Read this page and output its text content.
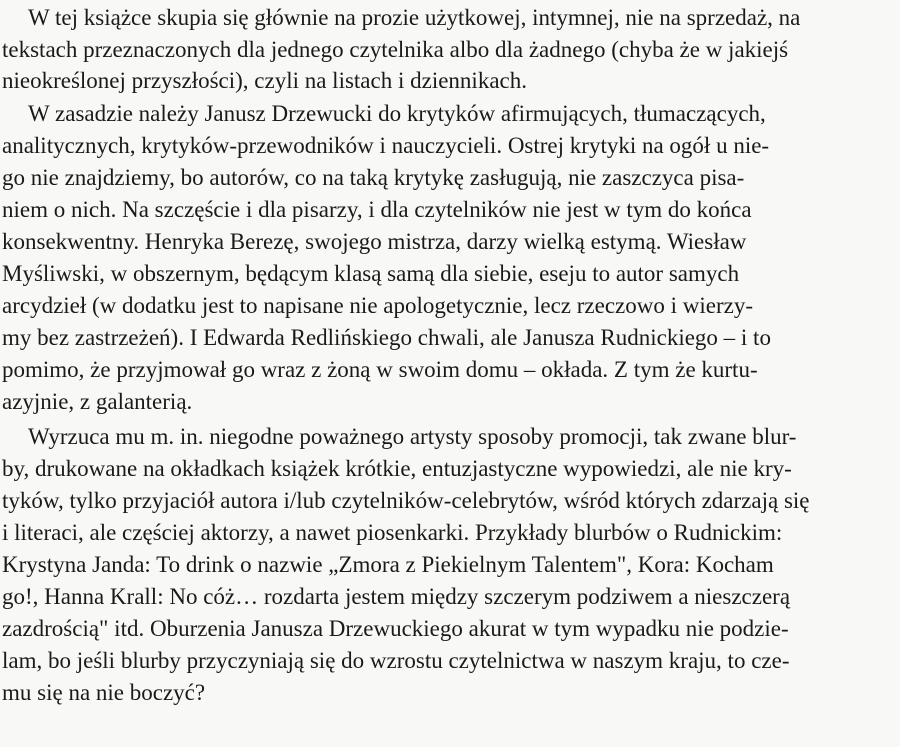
W tej książce skupia się głównie na prozie użytkowej, intymnej, nie na sprzedaż, na
tekstach przeznaczonych dla jednego czytelnika albo dla żadnego (chyba że w jakiejś
nieokreślonej przyszłości), czyli na listach i dziennikach.
W zasadzie należy Janusz Drzewucki do krytyków afirmujących, tłumaczących,
analitycznych, krytyków-przewodników i nauczycieli. Ostrej krytyki na ogół u nie-
go nie znajdziemy, bo autorów, co na taką krytykę zasługują, nie zaszczyca pisa-
niem o nich. Na szczęście i dla pisarzy, i dla czytelników nie jest w tym do końca
konsekwentny. Henryka Berezę, swojego mistrza, darzy wielką estymą. Wiesław
Myśliwski, w obszernym, będącym klasą samą dla siebie, eseju to autor samych
arcydzieł (w dodatku jest to napisane nie apologetycznie, lecz rzeczowo i wierzy-
my bez zastrzeżeń). I Edwarda Redlińskiego chwali, ale Janusza Rudnickiego – i to
pomimo, że przyjmował go wraz z żoną w swoim domu – okłada. Z tym że kurtu-
azyjnie, z galanterią.
Wyrzuca mu m. in. niegodne poważnego artysty sposoby promocji, tak zwane blur-
by, drukowane na okładkach książek krótkie, entuzjastyczne wypowiedzi, ale nie kry-
tyków, tylko przyjaciół autora i/lub czytelników-celebrytów, wśród których zdarzają się
i literaci, ale częściej aktorzy, a nawet piosenkarki. Przykłady blurbów o Rudnickim:
Krystyna Janda: To drink o nazwie „Zmora z Piekielnym Talentem", Kora: Kocham
go!, Hanna Krall: No cóż… rozdarta jestem między szczerym podziwem a nieszczerą
zazdrością" itd. Oburzenia Janusza Drzewuckiego akurat w tym wypadku nie podzie-
lam, bo jeśli blurby przyczyniają się do wzrostu czytelnictwa w naszym kraju, to cze-
mu się na nie boczyć?
